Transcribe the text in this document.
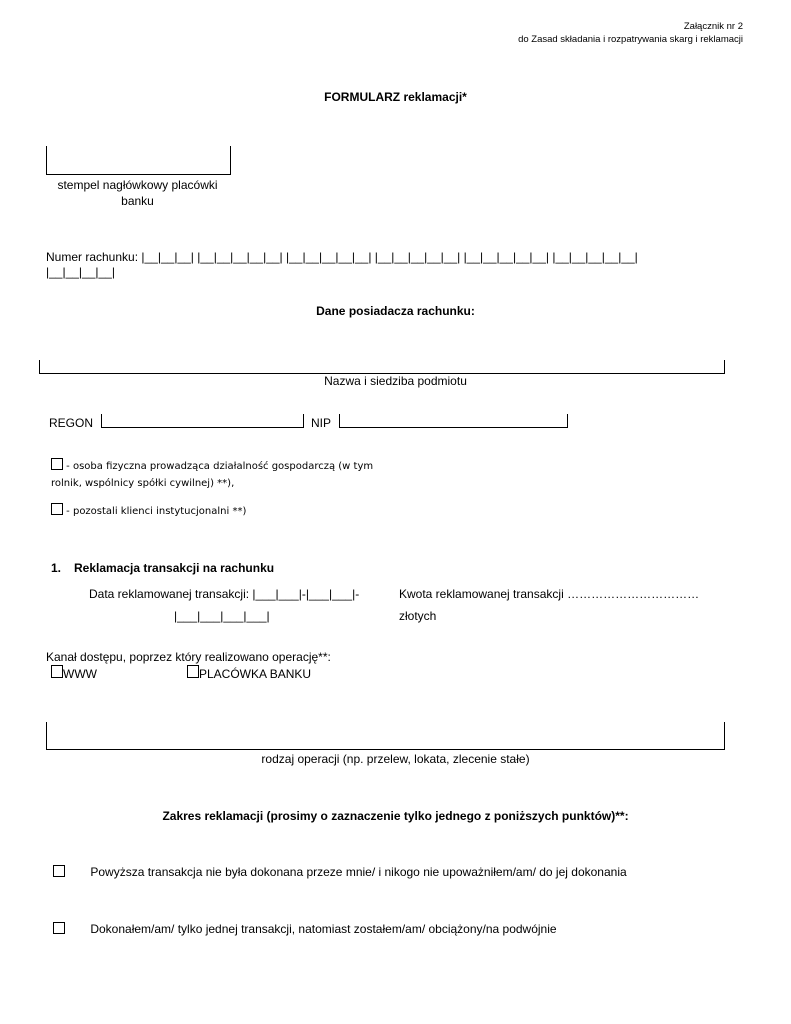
Załącznik nr 2
do Zasad składania i rozpatrywania skarg i reklamacji
FORMULARZ reklamacji*
stempel nagłówkowy placówki
banku
Numer rachunku: |__|__|__| |__|__|__|__|__| |__|__|__|__|__| |__|__|__|__|__| |__|__|__|__|__| |__|__|__|__|__|
|__|__|__|__|
Dane posiadacza rachunku:
Nazwa i siedziba podmiotu
REGON	NIP
- osoba fizyczna prowadząca działalność gospodarczą (w tym
rolnik, wspólnicy spółki cywilnej) **),
- pozostali klienci instytucjonalni **)
1. Reklamacja transakcji na rachunku
Data reklamowanej transakcji: |___|___|-|___|___|-
|___|___|___|___|
Kwota reklamowanej transakcji ……………………………
złotych
Kanał dostępu, poprzez który realizowano operację**:
WWW	PLACÓWKA BANKU
rodzaj operacji (np. przelew, lokata, zlecenie stałe)
Zakres reklamacji (prosimy o zaznaczenie tylko jednego z poniższych punktów)**:
Powyższa transakcja nie była dokonana przeze mnie/ i nikogo nie upoważniłem/am/ do jej dokonania
Dokonałem/am/ tylko jednej transakcji, natomiast zostałem/am/ obciążony/na podwójnie
